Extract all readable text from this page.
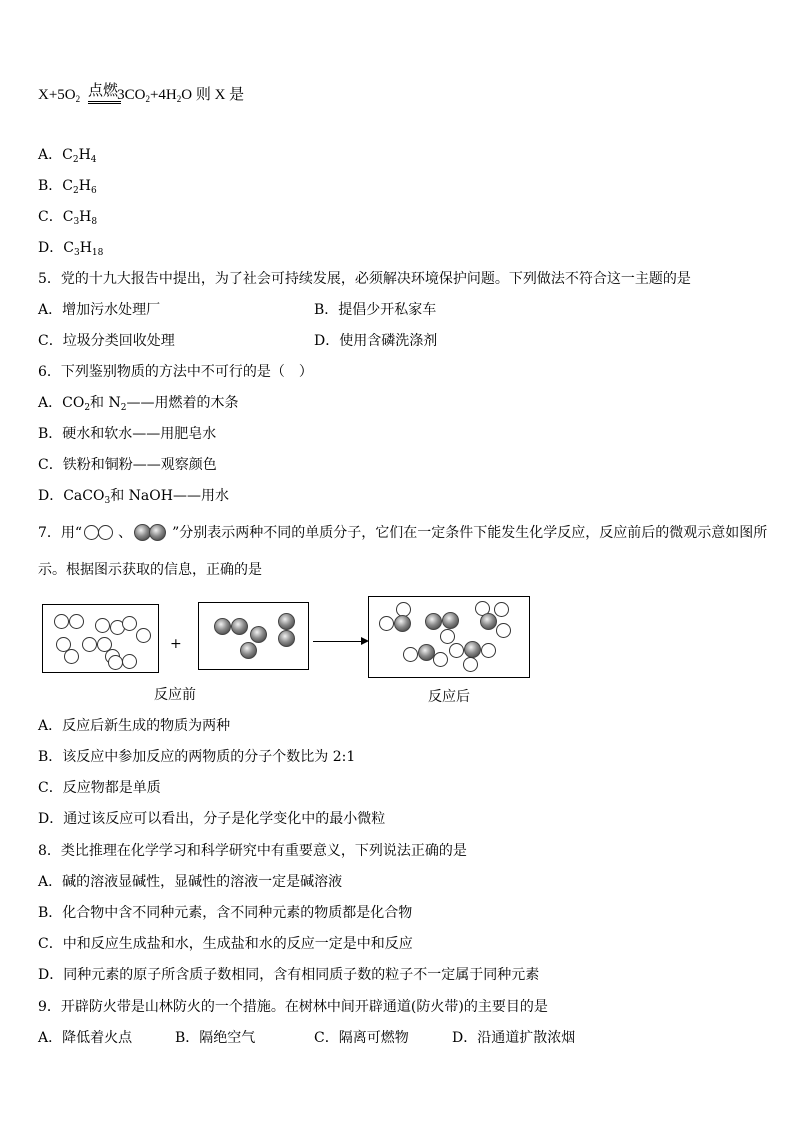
$X+5O_2$ $3CO_2+4H_2O$ 则 X 是
点燃
A．$C_2H_4$
B．$C_2H_6$
C．$C_3H_8$
D．$C_3H_{18}$
5．党的十九大报告中提出，为了社会可持续发展，必须解决环境保护问题。下列做法不符合这一主题的是
A．增加污水处理厂	B．提倡少开私家车
C．垃圾分类回收处理	D．使用含磷洗涤剂
6．下列鉴别物质的方法中不可行的是（　）
A．$CO_2$和 $N_2——$用燃着的木条
B．硬水和软水——用肥皂水
C．铁粉和铜粉——观察颜色
D．CaCO$_3$和 NaOH——用水
7．用“	、	”分别表示两种不同的单质分子，它们在一定条件下能发生化学反应，反应前后的微观示意如图所
示。根据图示获取的信息，正确的是
+
反应前	反应后
A．反应后新生成的物质为两种
B．该反应中参加反应的两物质的分子个数比为 2:1
C．反应物都是单质
D．通过该反应可以看出，分子是化学变化中的最小微粒
8．类比推理在化学学习和科学研究中有重要意义，下列说法正确的是
A．碱的溶液显碱性，显碱性的溶液一定是碱溶液
B．化合物中含不同种元素，含不同种元素的物质都是化合物
C．中和反应生成盐和水，生成盐和水的反应一定是中和反应
D．同种元素的原子所含质子数相同，含有相同质子数的粒子不一定属于同种元素
9．开辟防火带是山林防火的一个措施。在树林中间开辟通道(防火带)的主要目的是
A．降低着火点	B．隔绝空气	C．隔离可燃物	D．沿通道扩散浓烟
